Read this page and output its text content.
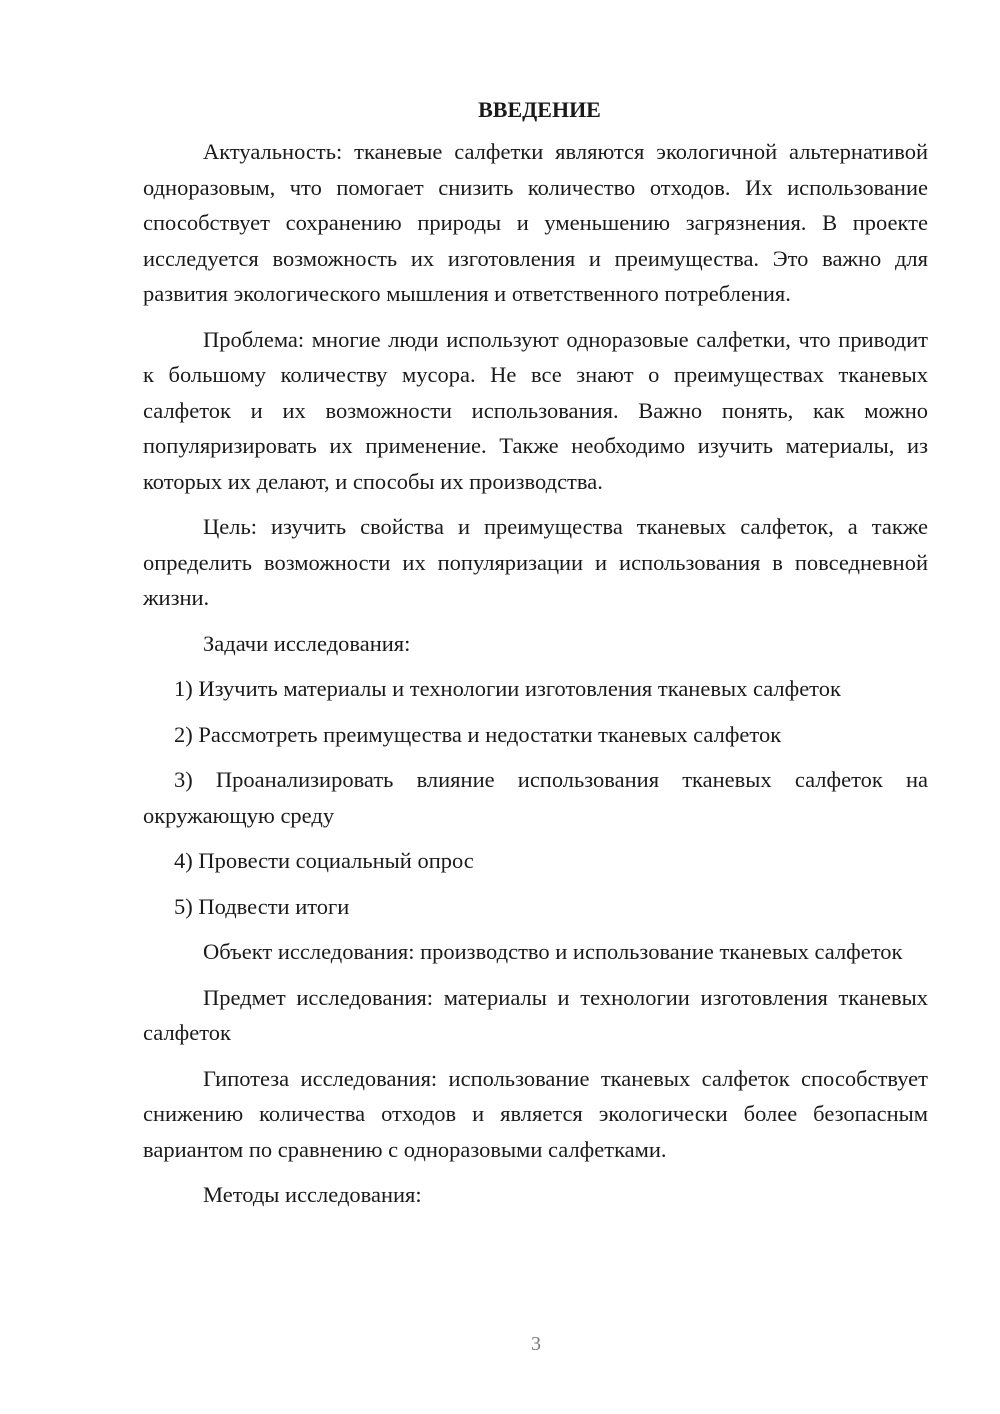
ВВЕДЕНИЕ

Актуальность: тканевые салфетки являются экологичной альтернативой одноразовым, что помогает снизить количество отходов. Их использование способствует сохранению природы и уменьшению загрязнения. В проекте исследуется возможность их изготовления и преимущества. Это важно для развития экологического мышления и ответственного потребления.

Проблема: многие люди используют одноразовые салфетки, что приводит к большому количеству мусора. Не все знают о преимуществах тканевых салфеток и их возможности использования. Важно понять, как можно популяризировать их применение. Также необходимо изучить материалы, из которых их делают, и способы их производства.

Цель: изучить свойства и преимущества тканевых салфеток, а также определить возможности их популяризации и использования в повседневной жизни.

Задачи исследования:

1) Изучить материалы и технологии изготовления тканевых салфеток

2) Рассмотреть преимущества и недостатки тканевых салфеток

3) Проанализировать влияние использования тканевых салфеток на окружающую среду

4) Провести социальный опрос

5) Подвести итоги

Объект исследования: производство и использование тканевых салфеток

Предмет исследования: материалы и технологии изготовления тканевых салфеток

Гипотеза исследования: использование тканевых салфеток способствует снижению количества отходов и является экологически более безопасным вариантом по сравнению с одноразовыми салфетками.

Методы исследования:

3
